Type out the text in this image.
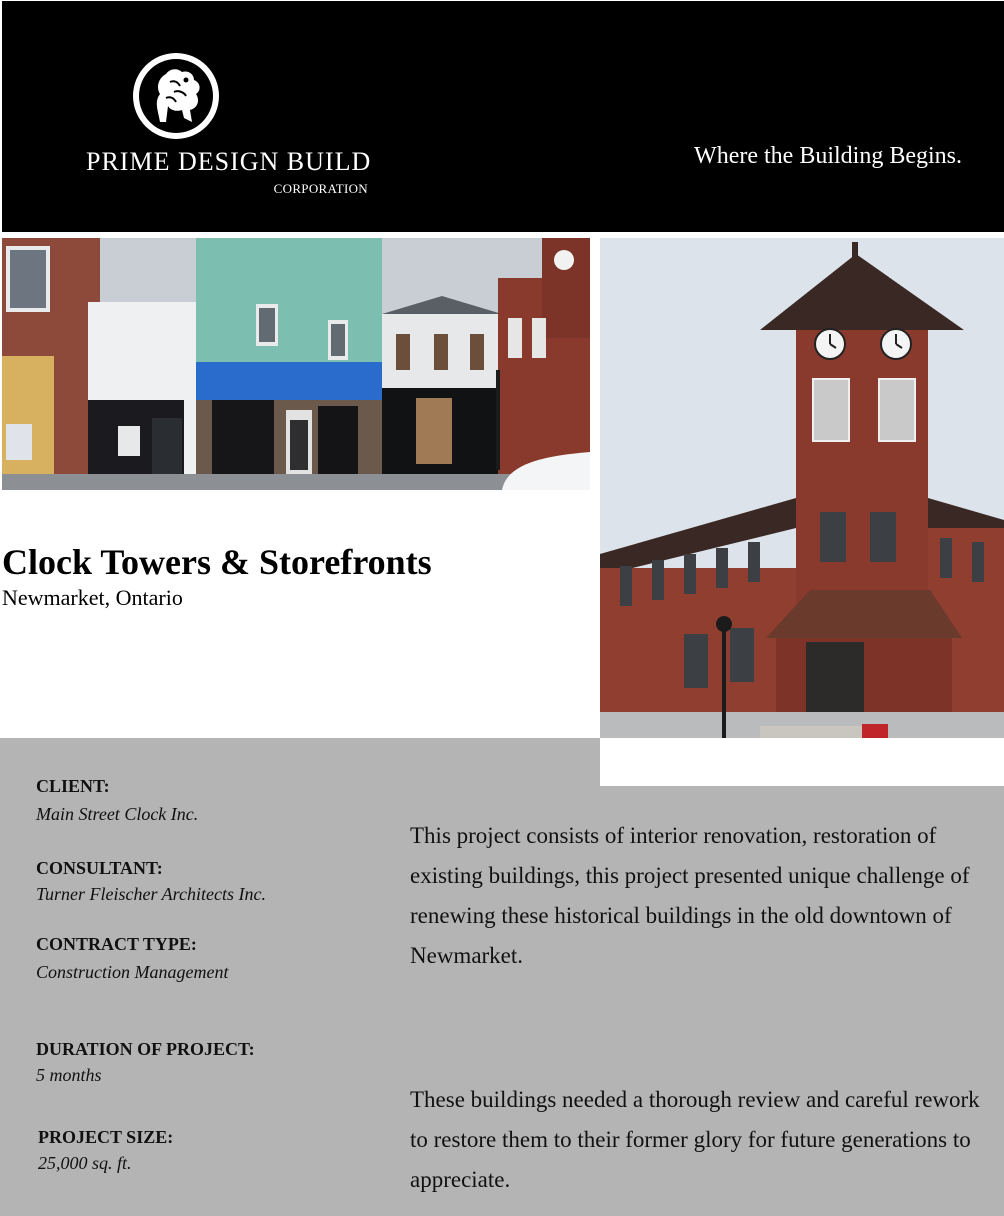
PRIME DESIGN BUILD
CORPORATION
Where the Building Begins.
Clock Towers & Storefronts
Newmarket, Ontario
CLIENT:
Main Street Clock Inc.
CONSULTANT:
Turner Fleischer Architects Inc.
CONTRACT TYPE:
Construction Management
DURATION OF PROJECT:
5 months
PROJECT SIZE:
25,000 sq. ft.
This project consists of interior renovation, restoration of existing buildings, this project presented unique challenge of renewing these historical buildings in the old downtown of Newmarket.
These buildings needed a thorough review and careful rework to restore them to their former glory for future generations to appreciate.
